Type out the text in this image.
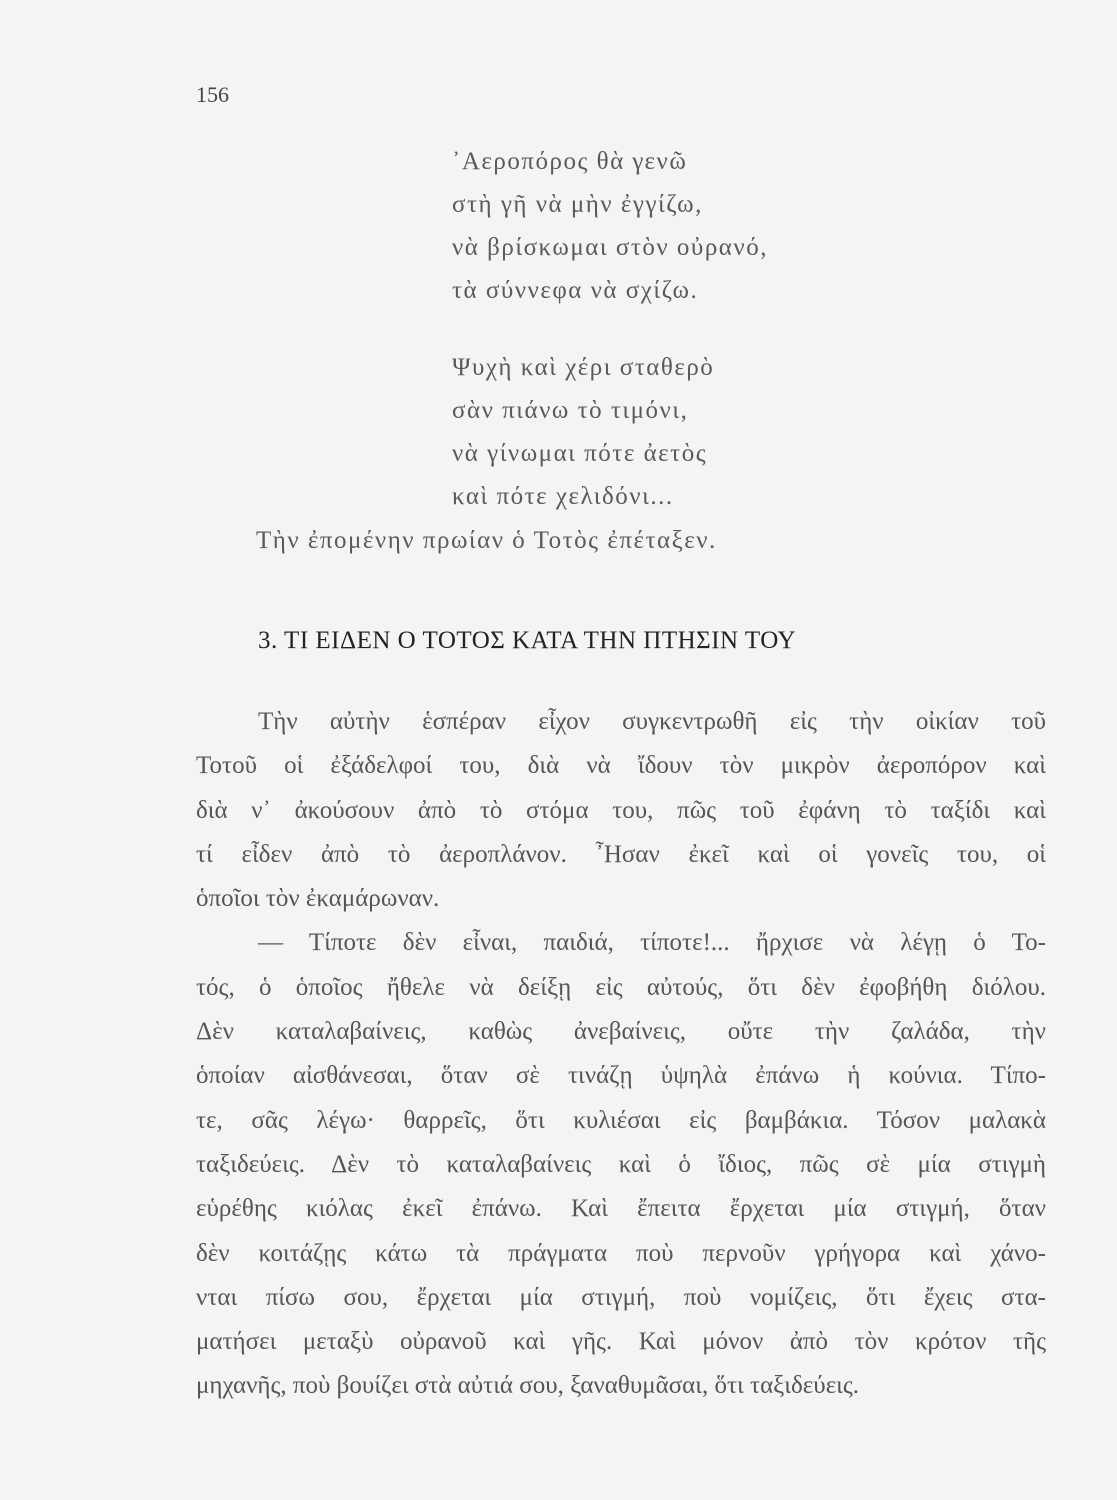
156
᾿Αεροπόρος θὰ γενῶ
στὴ γῆ νὰ μὴν ἐγγίζω,
νὰ βρίσκωμαι στὸν οὐρανό,
τὰ σύννεφα νὰ σχίζω.
Ψυχὴ καὶ χέρι σταθερὸ
σὰν πιάνω τὸ τιμόνι,
νὰ γίνωμαι πότε ἀετὸς
καὶ πότε χελιδόνι...
Τὴν ἐπομένην πρωίαν ὁ Τοτὸς ἐπέταξεν.
3. ΤΙ ΕΙΔΕΝ Ο ΤΟΤΟΣ ΚΑΤΑ ΤΗΝ ΠΤΗΣΙΝ ΤΟΥ
Τὴν αὐτὴν ἑσπέραν εἶχον συγκεντρωθῆ εἰς τὴν οἰκίαν τοῦ
Τοτοῦ οἱ ἐξάδελφοί του, διὰ νὰ ἴδουν τὸν μικρὸν ἀεροπόρον καὶ
διὰ ν᾿ ἀκούσουν ἀπὸ τὸ στόμα του, πῶς τοῦ ἐφάνη τὸ ταξίδι καὶ
τί εἶδεν ἀπὸ τὸ ἀεροπλάνον. ῏Ησαν ἐκεῖ καὶ οἱ γονεῖς του, οἱ
ὁποῖοι τὸν ἐκαμάρωναν.
— Τίποτε δὲν εἶναι, παιδιά, τίποτε!... ἤρχισε νὰ λέγῃ ὁ Το-
τός, ὁ ὁποῖος ἤθελε νὰ δείξῃ εἰς αὐτούς, ὅτι δὲν ἐφοβήθη διόλου.
Δὲν καταλαβαίνεις, καθὼς ἀνεβαίνεις, οὔτε τὴν ζαλάδα, τὴν
ὁποίαν αἰσθάνεσαι, ὅταν σὲ τινάζῃ ὑψηλὰ ἐπάνω ἡ κούνια. Τίπο-
τε, σᾶς λέγω· θαρρεῖς, ὅτι κυλιέσαι εἰς βαμβάκια. Τόσον μαλακὰ
ταξιδεύεις. Δὲν τὸ καταλαβαίνεις καὶ ὁ ἴδιος, πῶς σὲ μία στιγμὴ
εὑρέθης κιόλας ἐκεῖ ἐπάνω. Καὶ ἔπειτα ἔρχεται μία στιγμή, ὅταν
δὲν κοιτάζῃς κάτω τὰ πράγματα ποὺ περνοῦν γρήγορα καὶ χάνο-
νται πίσω σου, ἔρχεται μία στιγμή, ποὺ νομίζεις, ὅτι ἔχεις στα-
ματήσει μεταξὺ οὐρανοῦ καὶ γῆς. Καὶ μόνον ἀπὸ τὸν κρότον τῆς
μηχανῆς, ποὺ βουίζει στὰ αὐτιά σου, ξαναθυμᾶσαι, ὅτι ταξιδεύεις.
